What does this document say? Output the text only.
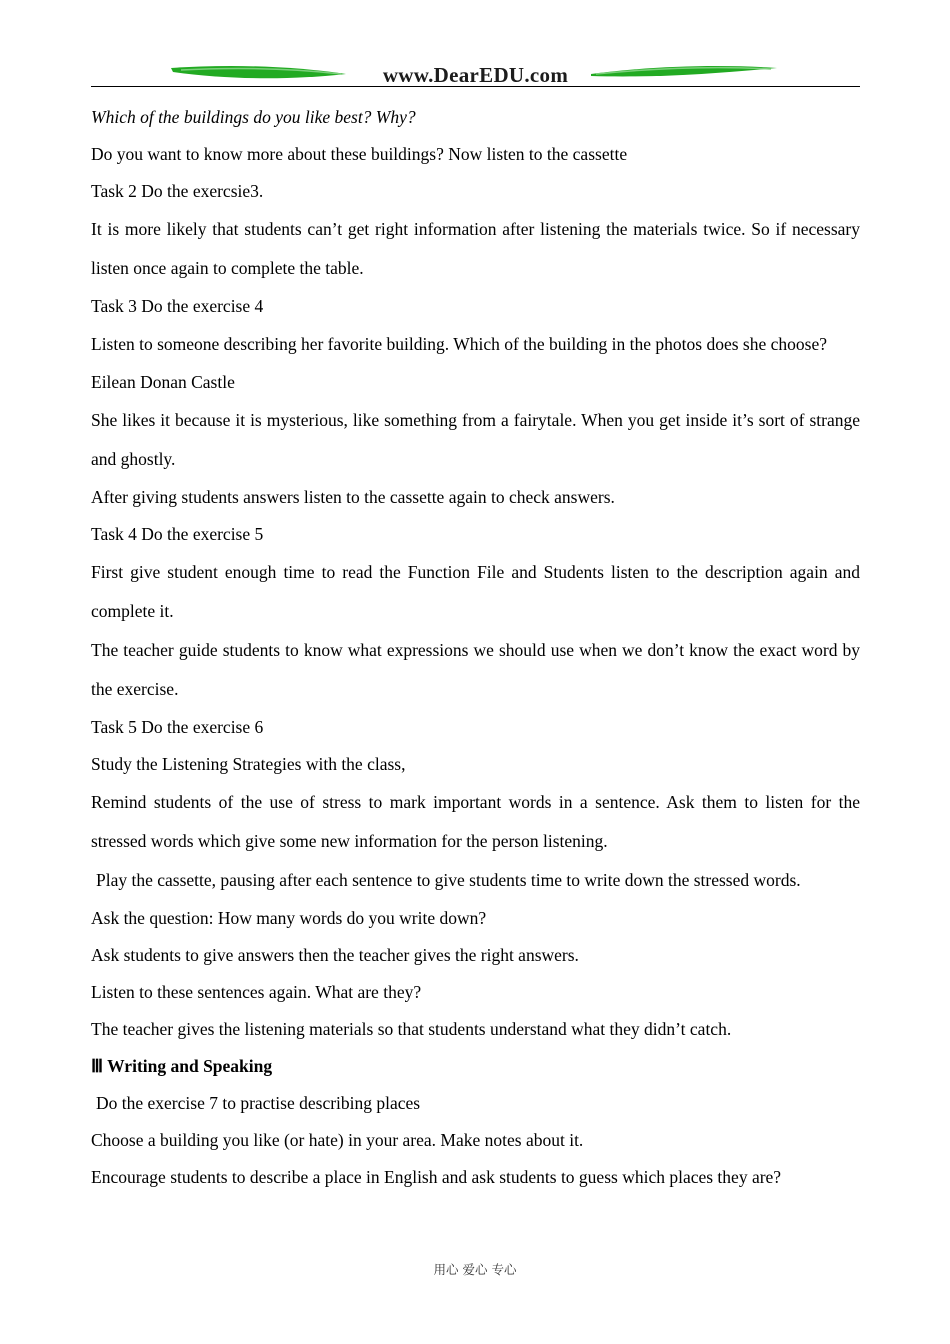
www.DearEDU.com

Which of the buildings do you like best? Why?

Do you want to know more about these buildings? Now listen to the cassette

Task 2 Do the exercsie3.

It is more likely that students can’t get right information after listening the materials twice. So if necessary listen once again to complete the table.

Task 3 Do the exercise 4

Listen to someone describing her favorite building. Which of the building in the photos does she choose?

Eilean Donan Castle

She likes it because it is mysterious, like something from a fairytale. When you get inside it’s sort of strange and ghostly.

After giving students answers listen to the cassette again to check answers.

Task 4 Do the exercise 5

First give student enough time to read the Function File and Students listen to the description again and complete it.

The teacher guide students to know what expressions we should use when we don’t know the exact word by the exercise.

Task 5 Do the exercise 6

Study the Listening Strategies with the class,

Remind students of the use of stress to mark important words in a sentence. Ask them to listen for the stressed words which give some new information for the person listening.

Play the cassette, pausing after each sentence to give students time to write down the stressed words.

Ask the question: How many words do you write down?

Ask students to give answers then the teacher gives the right answers.

Listen to these sentences again. What are they?

The teacher gives the listening materials so that students understand what they didn’t catch.

Ⅲ Writing and Speaking

Do the exercise 7 to practise describing places

Choose a building you like (or hate) in your area. Make notes about it.

Encourage students to describe a place in English and ask students to guess which places they are?

用心 爱心 专心
